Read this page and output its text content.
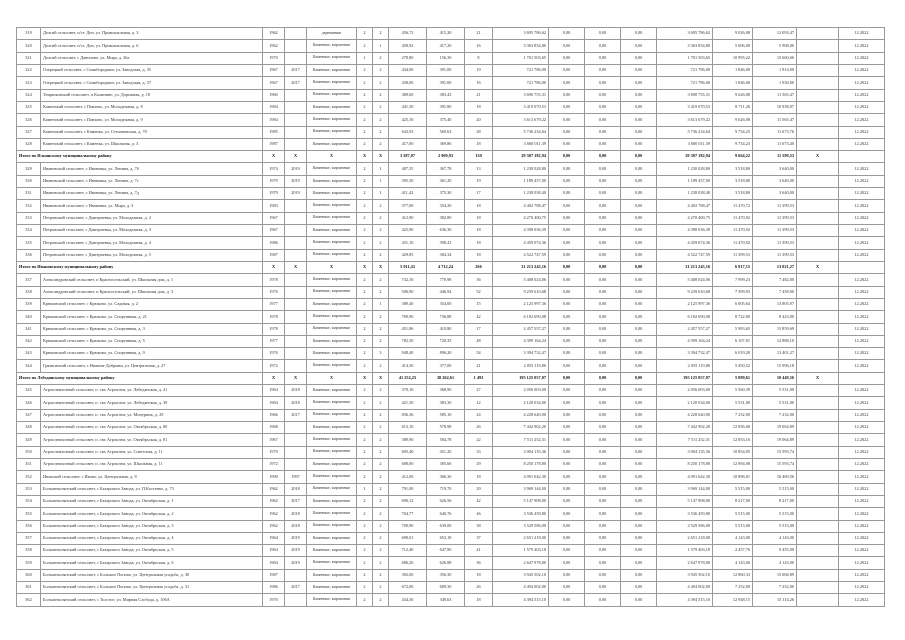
319	Долгий сельсовет, п/ст. Дон, ул. Привокзальная, д. 3	1962		деревянные	2	2	456,72	415,20	21	3 695 786,62	0,00	0,00	0,00	3 695 786,62	9 026,08	12 093,47		12.2022
320	Долгий сельсовет, п/ст. Дон, ул. Привокзальная, д. 6	1962		Каменные, кирпичные	2	1	458,92	417,20	16	3 363 854,80	0,00	0,00	0,00	3 363 854,80	5 606,00	5 908,00		12.2022
321	Долгий сельсовет, с Данилово, ул. Мира, д. 26а	1970		Каменные, кирпичные	1	2	278,80	156,30	8	1 701 503,65	0,00	0,00	0,00	1 701 503,65	10 995,22	15 660,66		12.2022
322	Озерецкий сельсовет, с Сомибородкин, ул. Заводская, д. 35	1967	2017	Каменные, кирпичные	2	2	434,00	391,00	19	721 786,00	0,00	0,00	0,00	721 786,00	1 846,00	1 914,00		12.2022
323	Озерецкий сельсовет, с Сомибородкин, ул. Заводская, д. 37	1967	2017	Каменные, кирпичные	2	2	438,00	391,00	16	721 786,00	0,00	0,00	0,00	721 786,00	1 846,00	1 930,00		12.2022
324	Темрюковский сельсовет, п Калинино, ул. Дорожная, д. 18	1960		Каменные, кирпичные	2	2	389,60	383,43	21	3 690 755,31	0,00	0,00	0,00	3 690 755,31	9 626,08	11 565,47		12.2022
325	Каменский сельсовет, с Павлово, ул. Молодежная, д. 8	1984		Каменные, кирпичные	2	2	441,30	391,80	18	3 419 070,53	0,00	0,00	0,00	3 419 070,53	8 711,26	10 938,07		12.2022
326	Каменский сельсовет, с Павлово, ул. Молодежная, д. 9	1984		Каменные, кирпичные	2	2	425,10	375,40	20	3 613 679,22	0,00	0,00	0,00	3 613 679,22	9 626,08	11 565,47		12.2022
327	Каменский сельсовет, с Каменка, ул. Степановская, д. 70	1985		Каменные, кирпичные	2	2	643,93	569,63	28	5 736 234,64	0,00	0,00	0,00	5 736 234,64	9 734,23	11 673,76		12.2022
328	Каменский сельсовет, с Каменка, ул. Школьная, д. 3	1987		Каменные, кирпичные	2	2	417,00	369,86	18	3 600 011,39	0,00	0,00	0,00	3 600 011,39	9 734,23	11 673,40		12.2022
Итого по Ильинскому муниципальному району		X	X	X	X	X	3 287,07	2 969,93	130	29 307 182,94	0,00	0,00	0,00	29 307 182,94	9 664,22	11 599,53	X	
329	Ивановский сельсовет, с Ивановка, ул. Ленина, д. 7б	1974	2019	Каменные, кирпичные	2	1	407,55	367,78	13	1 230 028,80	0,00	0,00	0,00	1 230 028,80	3 518,80	3 640,00		12.2022
330	Ивановский сельсовет, с Ивановка, ул. Ленина, д. 7г	1979	2019	Каменные, кирпичные	2	1	395,30	361,20	19	1 189 457,00	0,00	0,00	0,00	1 189 457,00	3 518,80	3 640,00		12.2022
331	Ивановский сельсовет, с Ивановка, ул. Ленина, д. 7д	1979	2019	Каменные, кирпичные	2	1	411,42	375,30	17	1 238 038,40	0,00	0,00	0,00	1 238 038,40	3 518,80	3 640,00		12.2022
332	Ивановский сельсовет, с Ивановка, ул. Мира, д. 3	1983		Каменные, кирпичные	2	2	377,00	354,20	18	4 402 788,47	0,00	0,00	0,00	4 402 788,47	11 470,72	11 399,53		12.2022
333	Петровский сельсовет, с Дмитриевка, ул. Молодежная, д. 2	1967		Каменные, кирпичные	2	2	412,90	382,80	18	4 270 400,75	0,00	0,00	0,00	4 270 400,75	11 470,92	11 399,53		12.2022
334	Петровский сельсовет, с Дмитриевка, ул. Молодежная, д. 3	1967		Каменные, кирпичные	2	2	425,90	636,30	18	4 398 036,39	0,00	0,00	0,00	4 398 036,39	11 470,92	11 399,53		12.2022
335	Петровский сельсовет, с Дмитриевка, ул. Молодежная, д. 4	1986		Каменные, кирпичные	2	2	431,10	398,41	18	4 459 074,36	0,00	0,00	0,00	4 459 074,36	11 470,92	11 399,53		12.2022
336	Петровский сельсовет, с Дмитриевка, ул. Молодежная, д. 5	1987		Каменные, кирпичные	2	2	429,85	384,34	18	4 522 747,59	0,00	0,00	0,00	4 522 747,59	11 399,53	11 399,53		12.2022
Итого по Ивановскому муниципальному району		X	X	X	X	X	5 011,43	4 712,24	266	31 213 245,16	0,00	0,00	0,00	31 213 245,16	6 917,15	13 021,27	X	
337	Александровский сельсовет, п Красносельский, ул. Школьная дом, д. 1	1978		Каменные, кирпичные	2	2	732,10	770,98	36	5 408 024,06	0,00	0,00	0,00	5 408 024,06	7 999,23	7 482,00		12.2022
338	Александровский сельсовет, п Красносельский, ул. Школьная дом, д. 3	1976		Каменные, кирпичные	2	2	506,90	446,94	52	9 239 610,68	0,00	0,00	0,00	9 239 610,68	7 399,93	7 458,00		12.2022
339	Крюковский сельсовет, с Крюково, ул. Садовая, д. 2	1977		Каменные, кирпичные	2	1	389,40	354,00	15	2 125 997,36	0,00	0,00	0,00	2 125 997,36	6 005,64	13 805,97		12.2022
340	Крюковский сельсовет, с Крюково, ул. Спортивная, д. 21	1978		Каменные, кирпичные	2	2	769,90	736,88	42	6 182 690,08	0,00	0,00	0,00	6 182 690,08	8 722,80	8 423,00		12.2022
341	Крюковский сельсовет, с Крюково, ул. Спортивная, д. 3	1978		Каменные, кирпичные	2	2	451,86	410,80	17	2 457 557,27	0,00	0,00	0,00	2 457 557,27	5 983,65	15 859,69		12.2022
342	Крюковский сельсовет, с Крюково, ул. Спортивная, д. 5	1977		Каменные, кирпичные	2	2	782,30	720,35	48	4 399 164,24	0,00	0,00	0,00	4 399 164,24	6 107,01	12 888,10		12.2022
343	Крюковский сельсовет, с Крюково, ул. Спортивная, д. 9	1976		Каменные, кирпичные	2	3	948,40	896,20	54	3 394 732,47	0,00	0,00	0,00	3 394 732,47	6 019,20	13 401,27		12.2022
344	Грязновский сельсовет, с Нижние Добрыни, ул. Центральная, д. 27	1972		Каменные, кирпичные	2	2	414,30	377,00	21	2 055 119,86	0,00	0,00	0,00	2 055 119,86	5 450,52	15 996,18		12.2022
Итого по Лебедянскому муниципальному району		X	X	X	X	X	41 252,25	38 262,61	1 493	195 125 057,07	0,00	0,00	0,00	195 125 057,07	5 099,61	10 449,56	X	
345	Агроплемхозный сельсовет, п. свх Агроплем, ул. Лебедянская, д. 41	1964	2018	Каменные, кирпичные	2	2	370,10	368,90	27	2 056 003,00	0,00	0,00	0,00	2 056 003,00	5 560,39	5 531,00		12.2022
346	Агроплемхозный сельсовет, п. свх Агроплем, ул. Лебедянская, д. 39	1964	2018	Каменные, кирпичные	2	2	421,30	383,30	12	2 120 034,00	0,00	0,00	0,00	2 120 034,00	5 531,00	5 531,00		12.2022
347	Агроплемхозный сельсовет, п. свх Агроплем, ул. Мичурина, д. 29	1966	2017	Каменные, кирпичные	2	2	836,36	585,16	24	4 228 640,00	0,00	0,00	0,00	4 228 640,00	7 232,00	7 232,00		12.2022
348	Агроплемхозный сельсовет, п. свх Агроплем, ул. Октябрьская, д. 80	1968		Каменные, кирпичные	2	2	613,10	578,98	26	7 442 902,20	0,00	0,00	0,00	7 442 902,20	12 856,00	19 064,89		12.2022
349	Агроплемхозный сельсовет, п. свх Агроплем, ул. Октябрьская, д. 81	1967		Каменные, кирпичные	2	2	389,90	584,78	22	7 511 252,31	0,00	0,00	0,00	7 511 252,31	12 853,16	19 064,89		12.2022
350	Агроплемхозный сельсовет, п. свх Агроплем, ул. Советская, д. 11	1970		Каменные, кирпичные	2	2	695,40	451,20	33	3 004 135,36	0,00	0,00	0,00	3 004 135,36	10 854,05	15 593,74		12.2022
351	Агроплемхозный сельсовет, п. свх Агроплем, ул. Школьная, д. 11	1972		Каменные, кирпичные	2	2	688,00	385,66	29	8 250 178,80	0,00	0,00	0,00	8 250 178,80	12 894,08	15 593,74		12.2022
352	Ивовский сельсовет, с Ивово, ул. Центральная, д. 8	1990	1997	Каменные, кирпичные	2	2	412,00	366,30	18	4 091 642,30	0,00	0,00	0,00	4 091 642,30	10 896,01	16 469,56		12.2022
353	Большеполянский сельсовет, с Бахарского Завода, ул. П.Костенко, д. 73	1962	2018	Каменные, кирпичные	1	2	791,00	719,70	29	3 969 144,00	0,00	0,00	0,00	3 969 144,00	5 515,00	5 515,00		12.2022
354	Большеполянский сельсовет, с Бахарского Завода, ул. Октябрьская, д. 1	1962	2017	Каменные, кирпичные	2	2	690,12	626,56	42	5 147 908,00	0,00	0,00	0,00	5 147 908,00	8 217,00	8 217,00		12.2022
355	Большеполянский сельсовет, с Бахарского Завода, ул. Октябрьская, д. 2	1962	2018	Каменные, кирпичные	2	2	704,77	640,76	46	3 536 459,80	0,00	0,00	0,00	3 536 459,80	5 515,00	5 515,00		12.2022
356	Большеполянский сельсовет, с Бахарского Завода, ул. Октябрьская, д. 3	1962	2018	Каменные, кирпичные	2	2	700,90	639,00	38	3 529 586,00	0,00	0,00	0,00	3 529 586,00	5 515,00	5 515,00		12.2022
357	Большеполянский сельсовет, с Бахарского Завода, ул. Октябрьская, д. 4	1964	2019	Каменные, кирпичные	2	2	698,01	653,18	37	2 651 218,00	0,00	0,00	0,00	2 651 218,00	4 143,00	4 143,00		12.2022
358	Большеполянский сельсовет, с Бахарского Завода, ул. Октябрьская, д. 5	1964	2019	Каменные, кирпичные	2	2	712,40	647,90	41	1 579 403,18	0,00	0,00	0,00	1 579 403,18	2 457,76	9 455,00		12.2022
359	Большеполянский сельсовет, с Бахарского Завода, ул. Октябрьская, д. 6	1964	2019	Каменные, кирпичные	2	2	686,20	626,88	36	2 647 978,00	0,00	0,00	0,00	2 647 978,00	4 143,00	4 143,00		12.2022
360	Большеполянский сельсовет, с Большое Попово, ул. Центральная усадьба, д. 30	1987		Каменные, кирпичные	2	2	392,00	356,30	18	3 945 502,10	0,00	0,00	0,00	3 945 502,10	12 860,33	15 068,89		12.2022
361	Большеполянский сельсовет, с Большое Попово, ул. Центральная усадьба, д. 31	1986	2017	Каменные, кирпичные	2	2	672,00	609,30	26	4 494 002,00	0,00	0,00	0,00	4 494 002,00	7 252,00	7 252,00		12.2022
362	Большеполянский сельсовет, с Толстое, ул. Мирная Слобода, д. 106А	1970		Каменные, кирпичные	2	2	434,30	349,63	18	4 394 515,10	0,00	0,00	0,00	4 394 515,10	12 948,15	15 114,26		12.2022
